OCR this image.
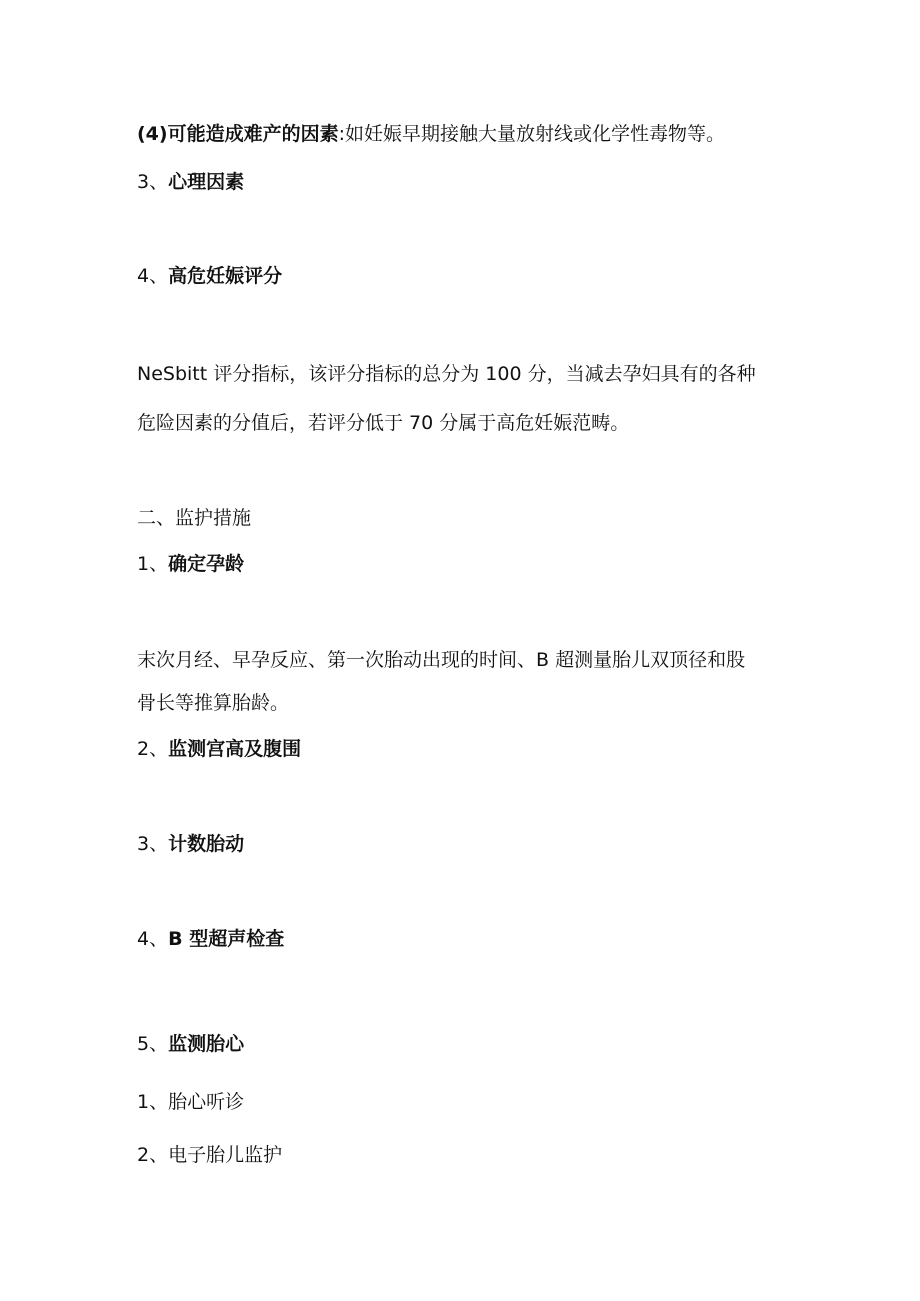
(4)可能造成难产的因素:如妊娠早期接触大量放射线或化学性毒物等。
3、心理因素
4、高危妊娠评分
NeSbitt 评分指标，该评分指标的总分为 100 分，当减去孕妇具有的各种
危险因素的分值后，若评分低于 70 分属于高危妊娠范畴。
二、监护措施
1、确定孕龄
末次月经、早孕反应、第一次胎动出现的时间、B 超测量胎儿双顶径和股
骨长等推算胎龄。
2、监测宫高及腹围
3、计数胎动
4、B 型超声检查
5、监测胎心
1、胎心听诊
2、电子胎儿监护
